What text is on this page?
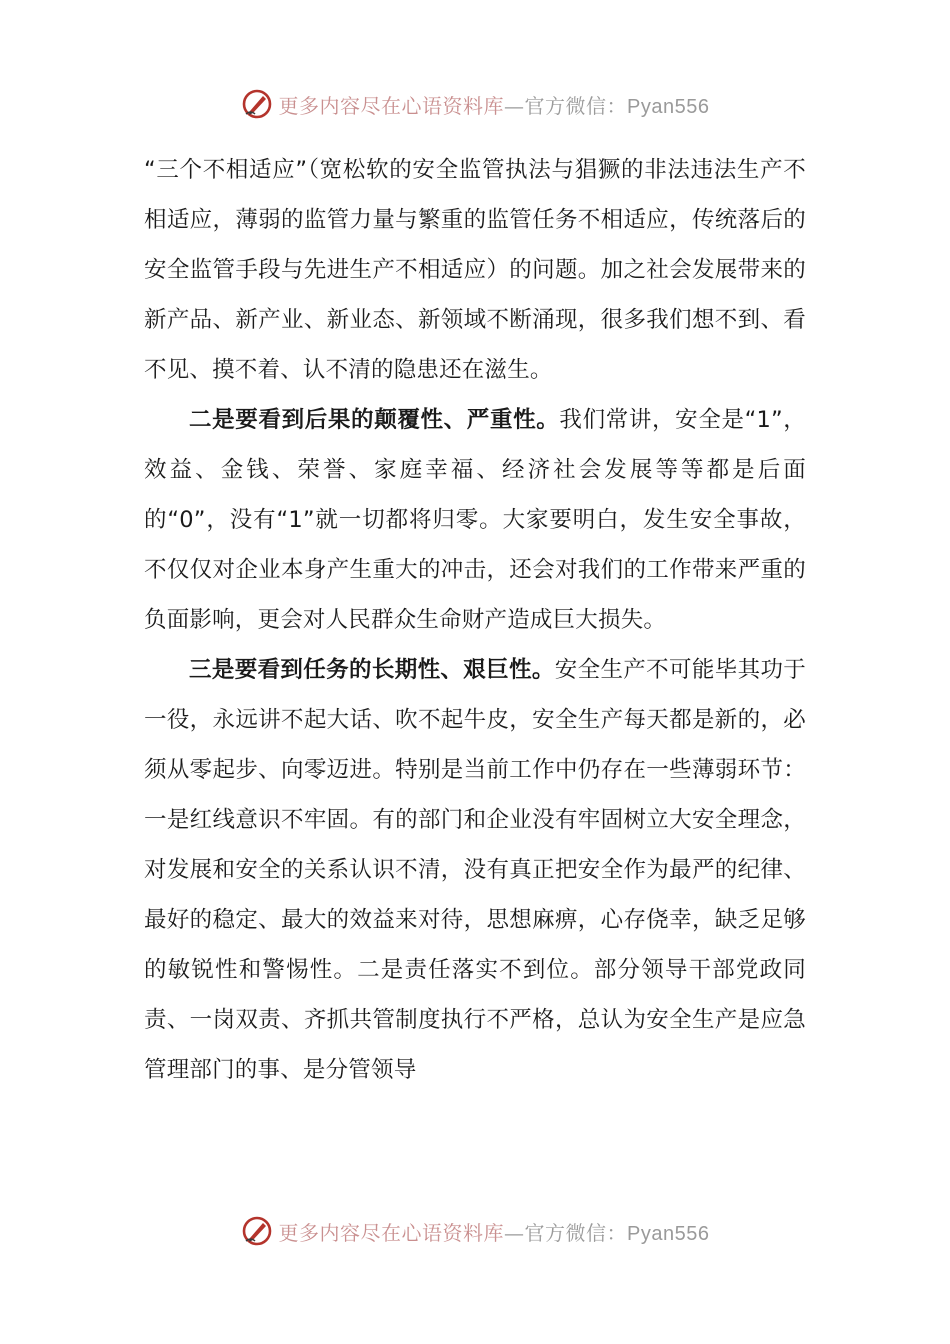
更多内容尽在心语资料库—官方微信：Pyan556

“三个不相适应”（宽松软的安全监管执法与猖獗的非法违法生产不相适应，薄弱的监管力量与繁重的监管任务不相适应，传统落后的安全监管手段与先进生产不相适应）的问题。加之社会发展带来的新产品、新产业、新业态、新领域不断涌现，很多我们想不到、看不见、摸不着、认不清的隐患还在滋生。

二是要看到后果的颠覆性、严重性。我们常讲，安全是“1”，效益、金钱、荣誉、家庭幸福、经济社会发展等等都是后面的“0”，没有“1”就一切都将归零。大家要明白，发生安全事故，不仅仅对企业本身产生重大的冲击，还会对我们的工作带来严重的负面影响，更会对人民群众生命财产造成巨大损失。

三是要看到任务的长期性、艰巨性。安全生产不可能毕其功于一役，永远讲不起大话、吹不起牛皮，安全生产每天都是新的，必须从零起步、向零迈进。特别是当前工作中仍存在一些薄弱环节：一是红线意识不牢固。有的部门和企业没有牢固树立大安全理念，对发展和安全的关系认识不清，没有真正把安全作为最严的纪律、最好的稳定、最大的效益来对待，思想麻痹，心存侥幸，缺乏足够的敏锐性和警惕性。二是责任落实不到位。部分领导干部党政同责、一岗双责、齐抓共管制度执行不严格，总认为安全生产是应急管理部门的事、是分管领导

更多内容尽在心语资料库—官方微信：Pyan556
